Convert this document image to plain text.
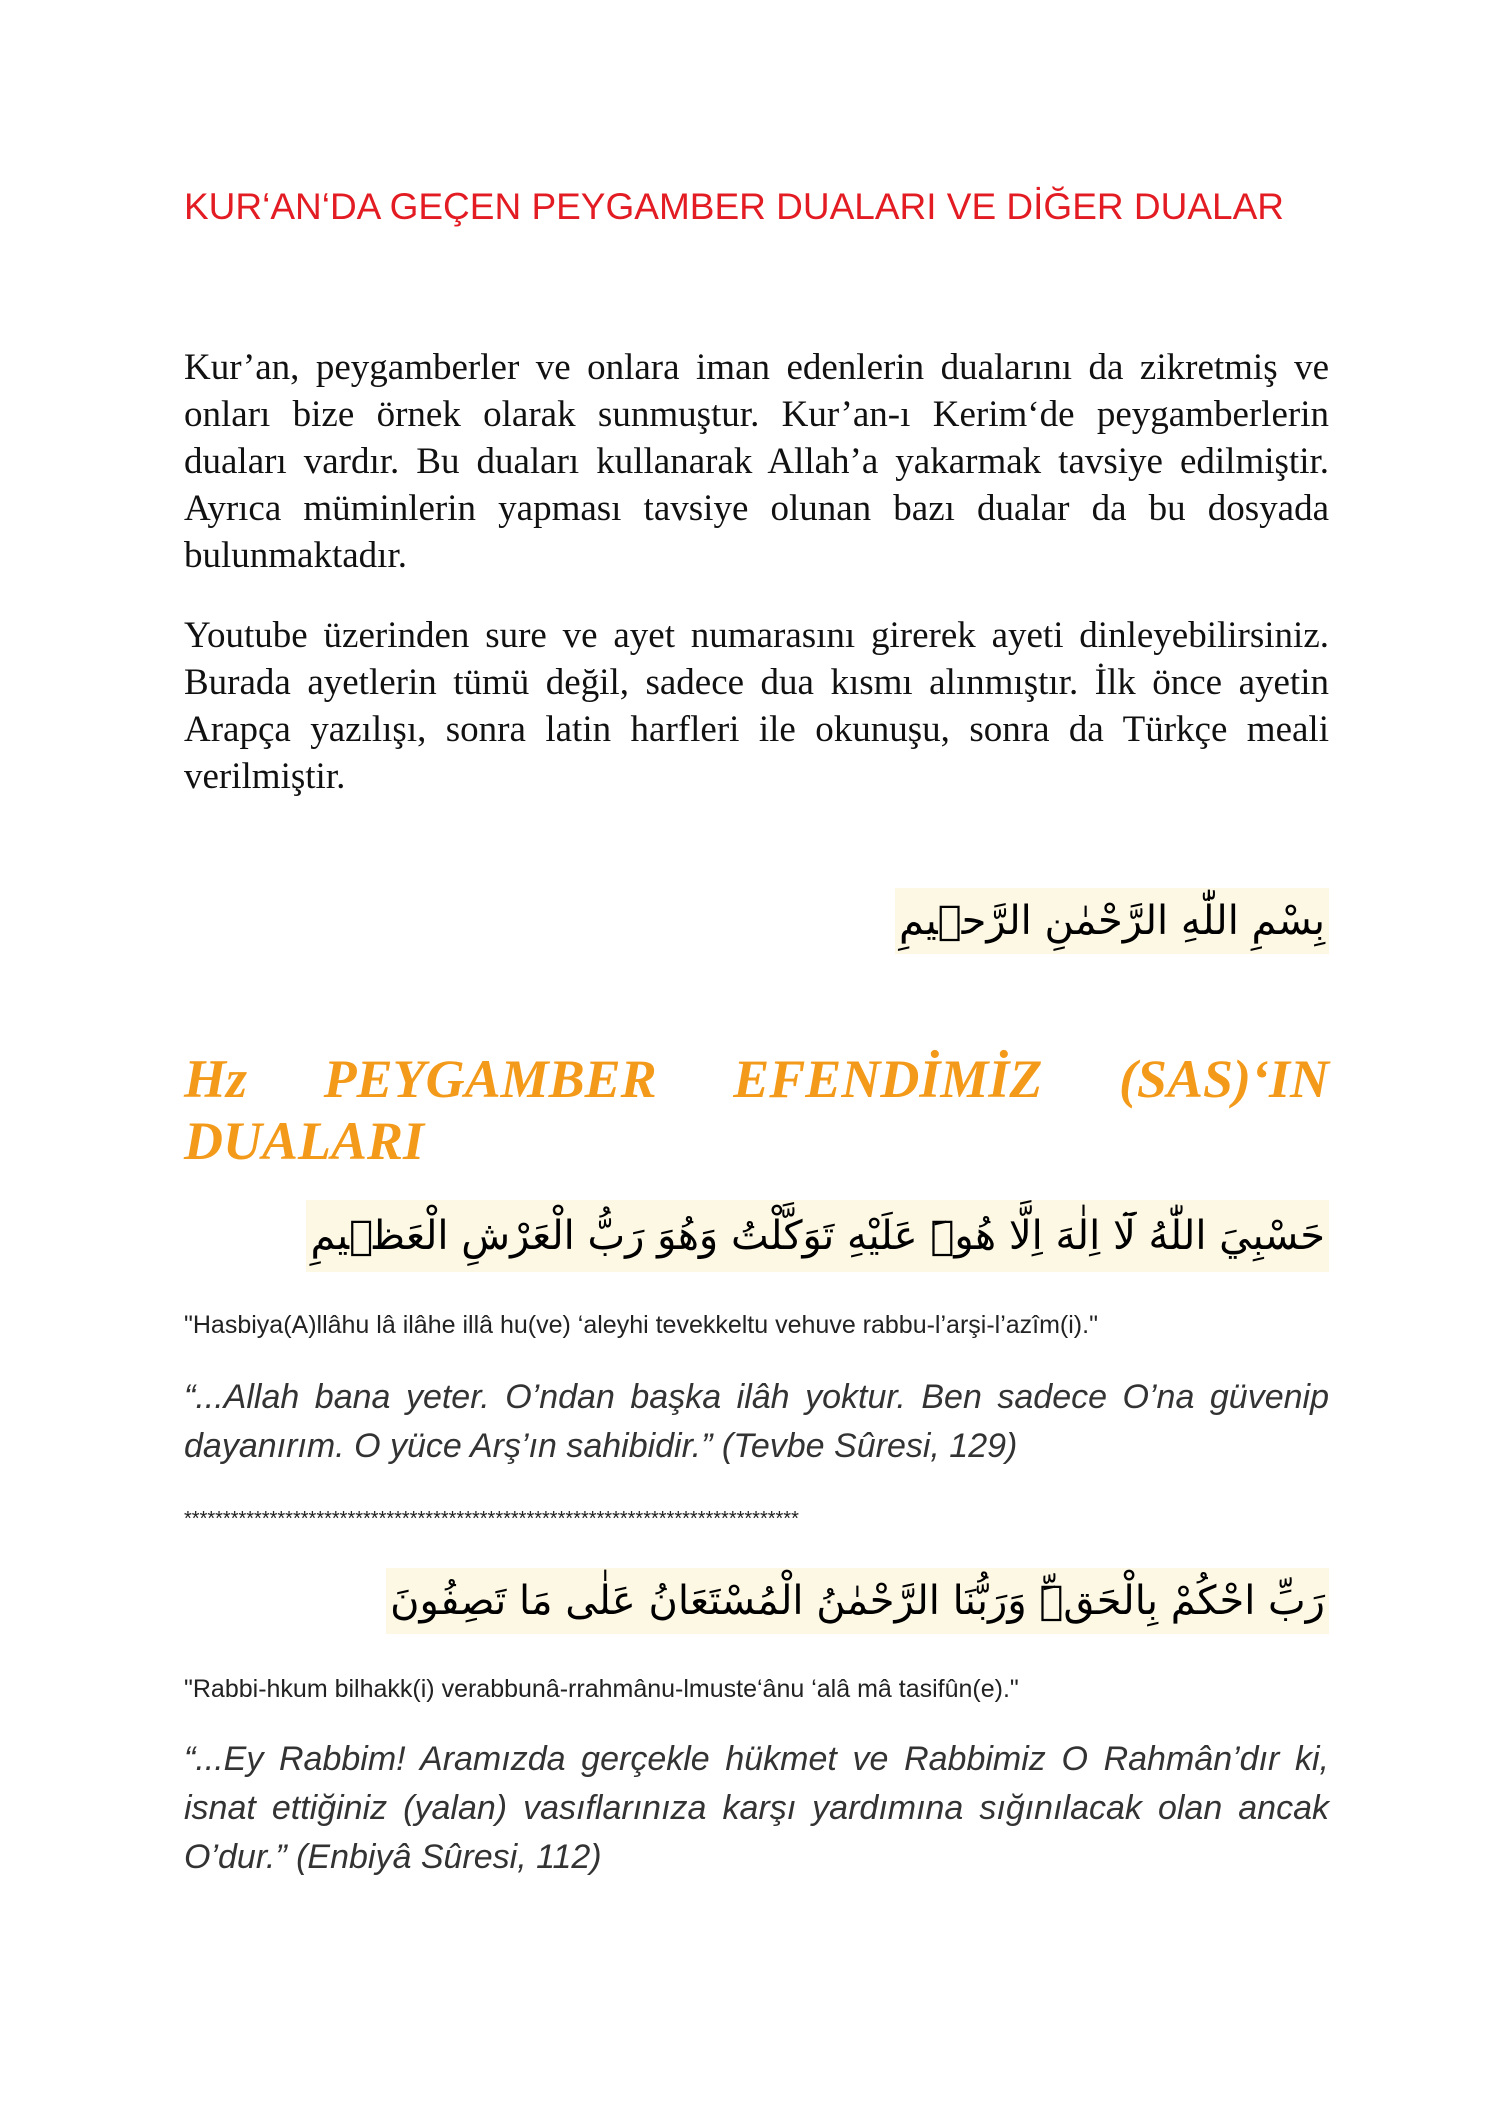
KUR‘AN‘DA GEÇEN PEYGAMBER DUALARI VE DİĞER DUALAR

Kur’an, peygamberler ve onlara iman edenlerin dualarını da zikretmiş ve onları bize örnek olarak sunmuştur. Kur’an-ı Kerim‘de peygamberlerin duaları vardır. Bu duaları kullanarak Allah’a yakarmak tavsiye edilmiştir. Ayrıca müminlerin yapması tavsiye olunan bazı dualar da bu dosyada bulunmaktadır.

Youtube üzerinden sure ve ayet numarasını girerek ayeti dinleyebilirsiniz. Burada ayetlerin tümü değil, sadece dua kısmı alınmıştır. İlk önce ayetin Arapça yazılışı, sonra latin harfleri ile okunuşu, sonra da Türkçe meali verilmiştir.

بِسْمِ اللّٰهِ الرَّحْمٰنِ الرَّح۪يمِ
Hz PEYGAMBER EFENDİMİZ (SAS)‘IN DUALARI
حَسْبِيَ اللّٰهُ لَٓا اِلٰهَ اِلَّا هُوَۜ عَلَيْهِ تَوَكَّلْتُ وَهُوَ رَبُّ الْعَرْشِ الْعَظ۪يمِ
"Hasbiya(A)llâhu lâ ilâhe illâ hu(ve) ‘aleyhi tevekkeltu vehuve rabbu-l’arşi-l’azîm(i)."

“...Allah bana yeter. O’ndan başka ilâh yoktur. Ben sadece O’na güvenip dayanırım. O yüce Arş’ın sahibidir.” (Tevbe Sûresi, 129)

*******************************************************************************
رَبِّ احْكُمْ بِالْحَقِّۜ وَرَبُّنَا الرَّحْمٰنُ الْمُسْتَعَانُ عَلٰى مَا تَصِفُونَ
"Rabbi-hkum bilhakk(i) verabbunâ-rrahmânu-lmuste‘ânu ‘alâ mâ tasifûn(e)."

“...Ey Rabbim! Aramızda gerçekle hükmet ve Rabbimiz O Rahmân’dır ki, isnat ettiğiniz (yalan) vasıflarınıza karşı yardımına sığınılacak olan ancak O’dur.” (Enbiyâ Sûresi, 112)
